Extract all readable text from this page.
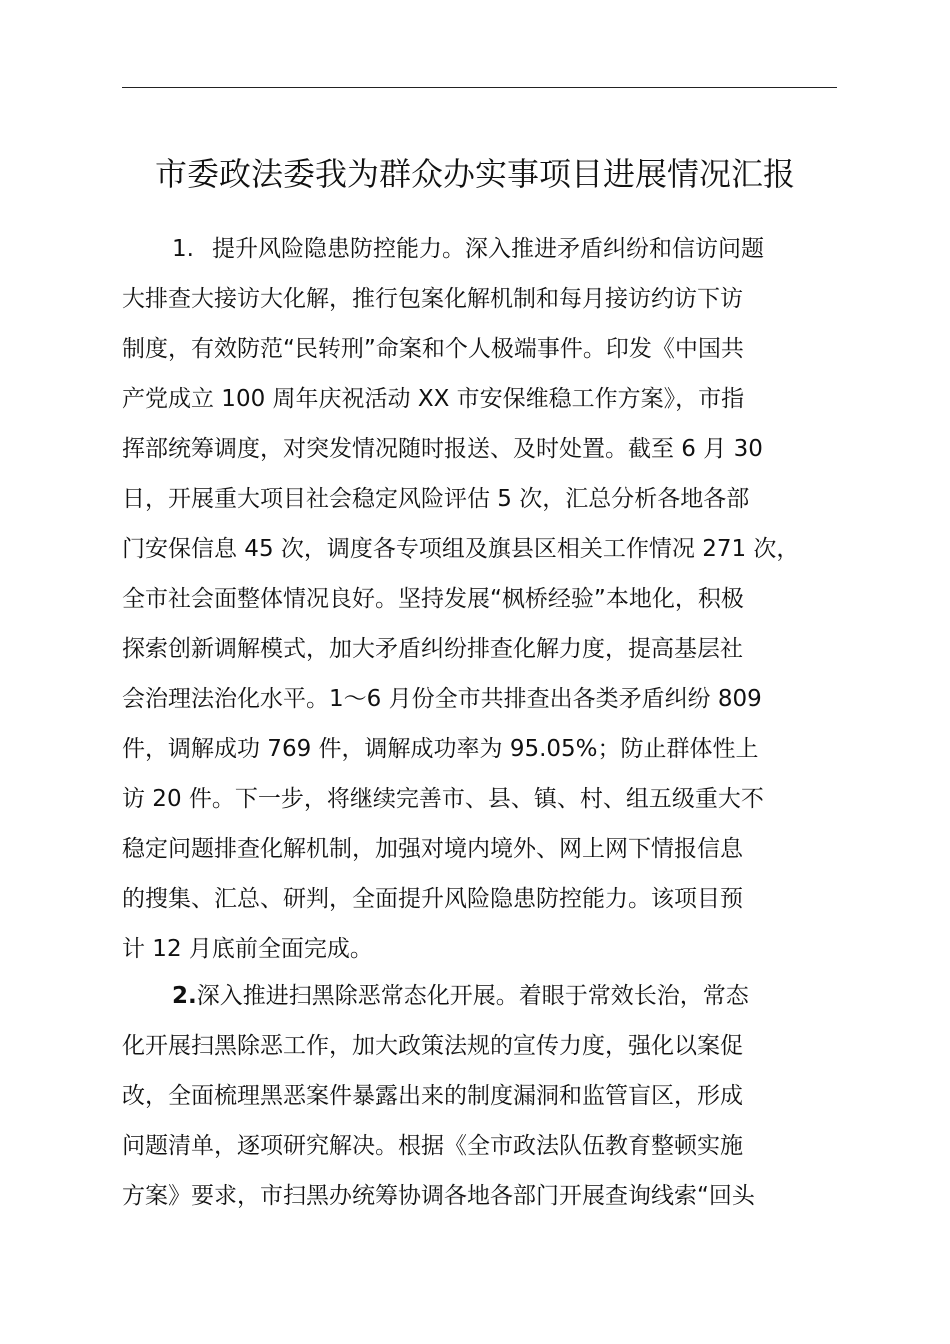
市委政法委我为群众办实事项目进展情况汇报
1. 提升风险隐患防控能力。深入推进矛盾纠纷和信访问题
大排查大接访大化解，推行包案化解机制和每月接访约访下访
制度，有效防范“民转刑”命案和个人极端事件。印发《中国共
产党成立 100 周年庆祝活动 XX 市安保维稳工作方案》，市指
挥部统筹调度，对突发情况随时报送、及时处置。截至 6 月 30
日，开展重大项目社会稳定风险评估 5 次，汇总分析各地各部
门安保信息 45 次，调度各专项组及旗县区相关工作情况 271 次，
全市社会面整体情况良好。坚持发展“枫桥经验”本地化，积极
探索创新调解模式，加大矛盾纠纷排查化解力度，提高基层社
会治理法治化水平。1～6 月份全市共排查出各类矛盾纠纷 809
件，调解成功 769 件，调解成功率为 95.05%；防止群体性上
访 20 件。下一步，将继续完善市、县、镇、村、组五级重大不
稳定问题排查化解机制，加强对境内境外、网上网下情报信息
的搜集、汇总、研判，全面提升风险隐患防控能力。该项目预
计 12 月底前全面完成。
2.深入推进扫黑除恶常态化开展。着眼于常效长治，常态
化开展扫黑除恶工作，加大政策法规的宣传力度，强化以案促
改，全面梳理黑恶案件暴露出来的制度漏洞和监管盲区，形成
问题清单，逐项研究解决。根据《全市政法队伍教育整顿实施
方案》要求，市扫黑办统筹协调各地各部门开展查询线索“回头
